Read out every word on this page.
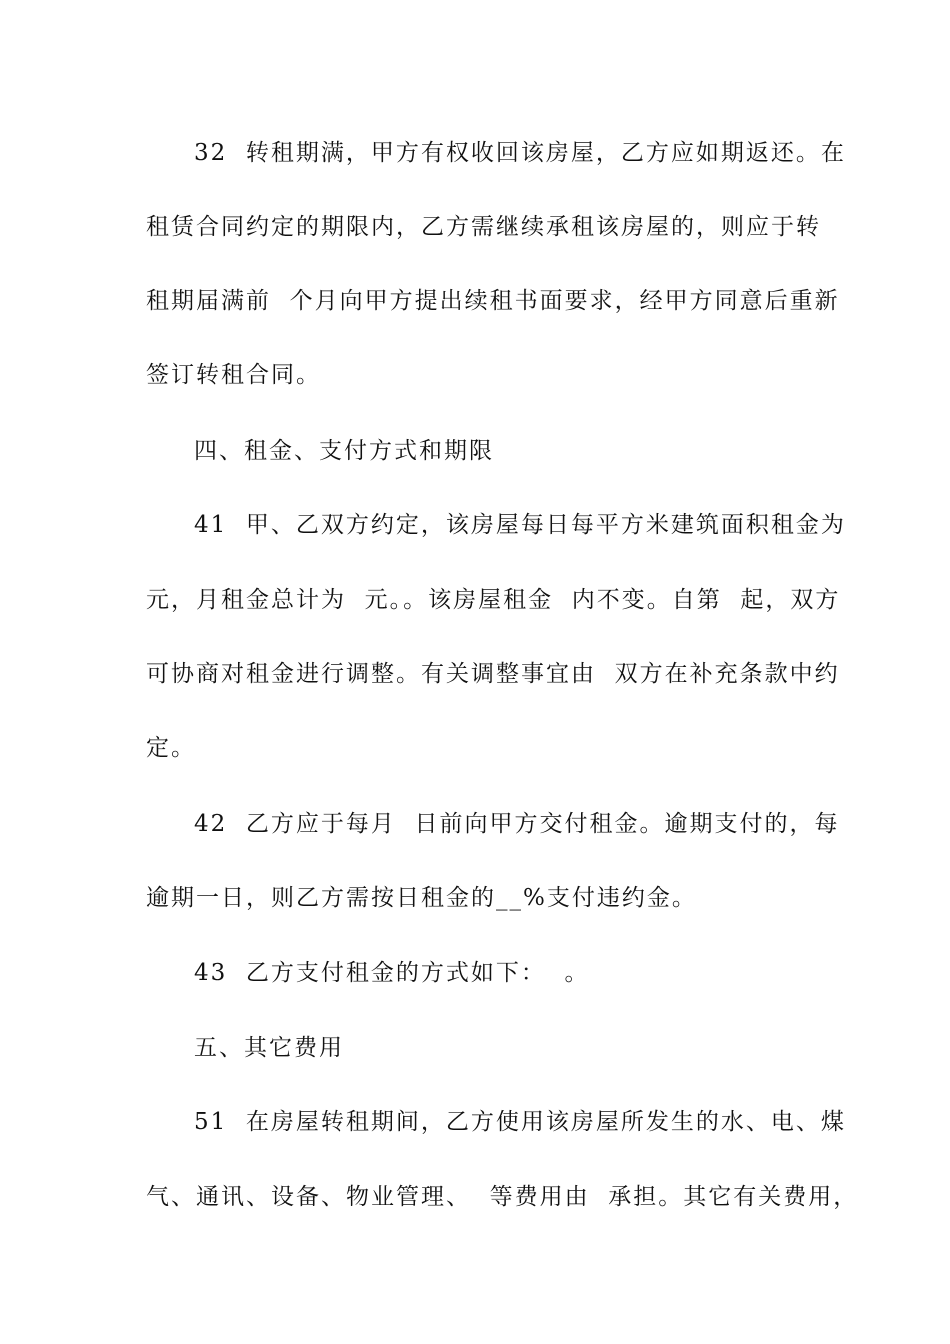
32  转租期满，甲方有权收回该房屋，乙方应如期返还。在
租赁合同约定的期限内，乙方需继续承租该房屋的，则应于转
租期届满前  个月向甲方提出续租书面要求，经甲方同意后重新
签订转租合同。
四、租金、支付方式和期限
41  甲、乙双方约定，该房屋每日每平方米建筑面积租金为
元，月租金总计为  元。。该房屋租金  内不变。自第  起，双方
可协商对租金进行调整。有关调整事宜由  双方在补充条款中约
定。
42  乙方应于每月  日前向甲方交付租金。逾期支付的，每
逾期一日，则乙方需按日租金的__%支付违约金。
43  乙方支付租金的方式如下：  。
五、其它费用
51  在房屋转租期间，乙方使用该房屋所发生的水、电、煤
气、通讯、设备、物业管理、  等费用由  承担。其它有关费用，
